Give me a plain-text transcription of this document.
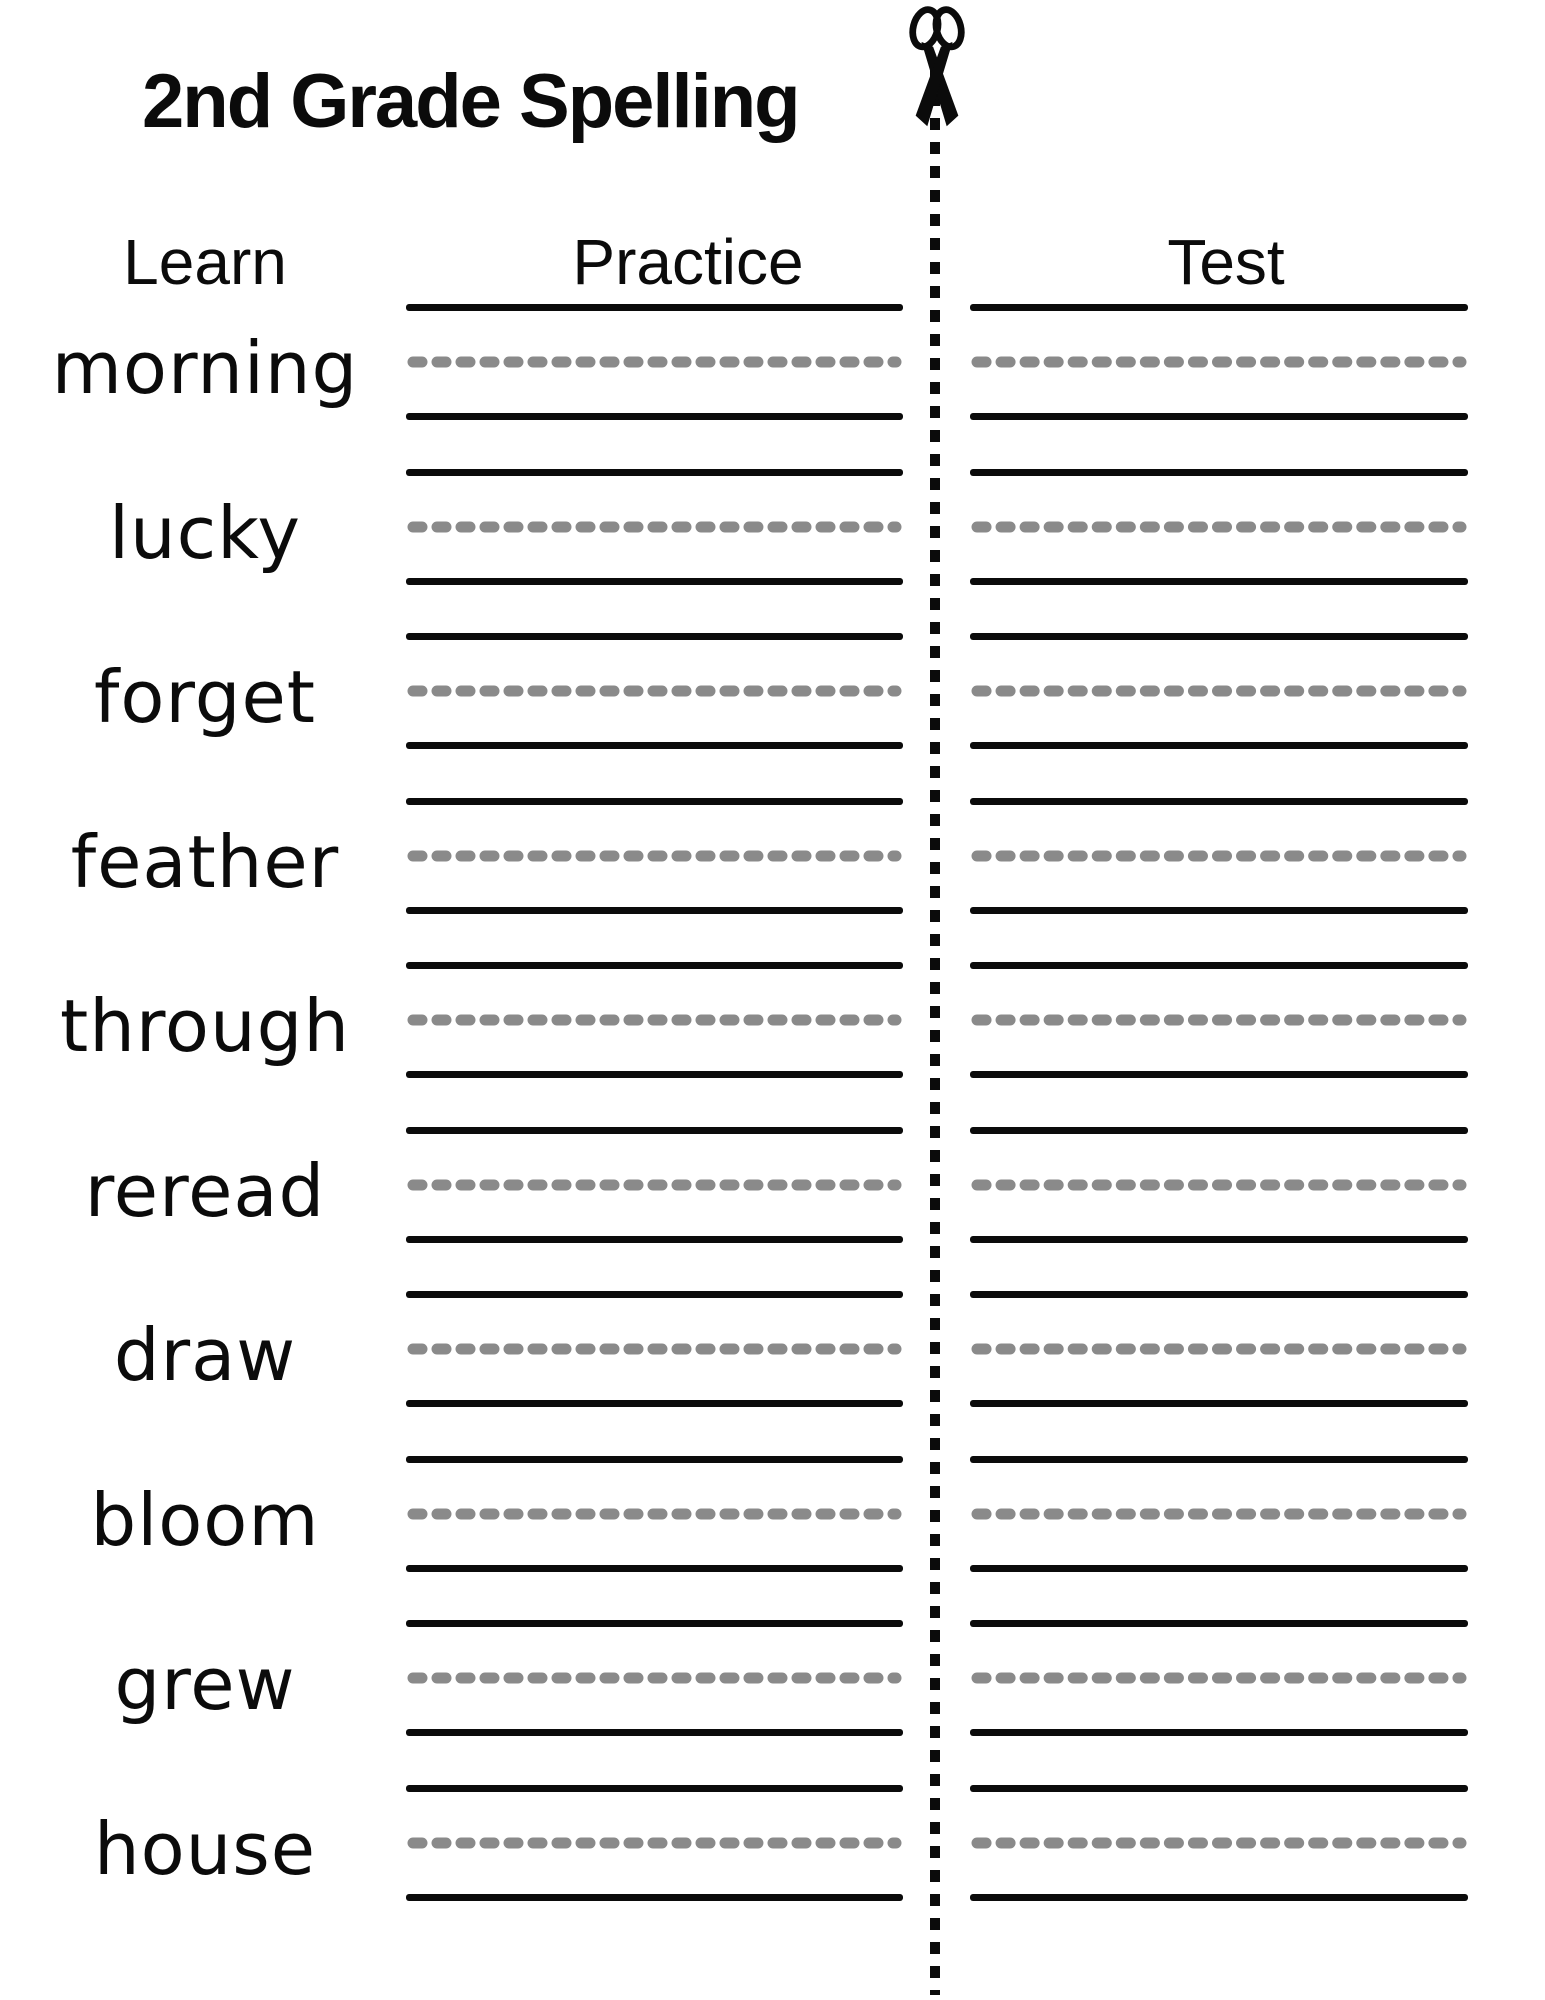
2nd Grade Spelling
Learn	Practice	Test
morning
lucky
forget
feather
through
reread
draw
bloom
grew
house
